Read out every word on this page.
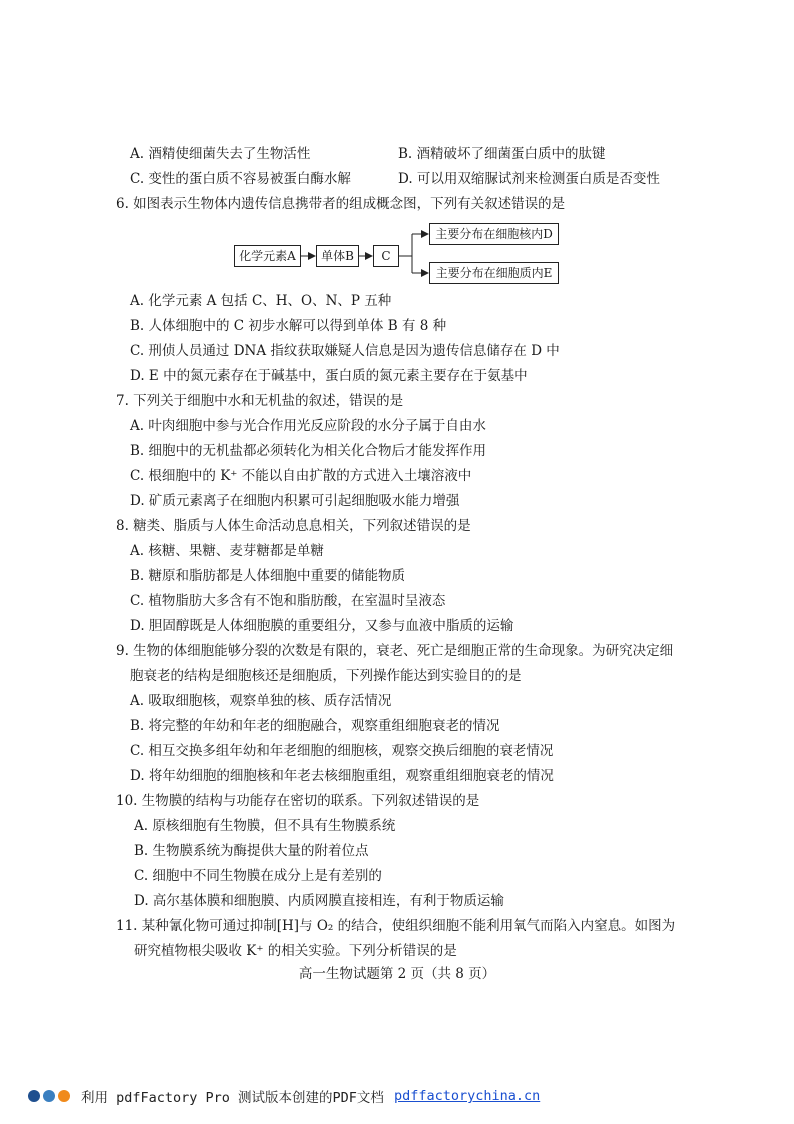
A. 酒精使细菌失去了生物活性	B. 酒精破坏了细菌蛋白质中的肽键
C. 变性的蛋白质不容易被蛋白酶水解	D. 可以用双缩脲试剂来检测蛋白质是否变性
6. 如图表示生物体内遗传信息携带者的组成概念图，下列有关叙述错误的是
化学元素A	单体B	C
主要分布在细胞核内D
主要分布在细胞质内E
A. 化学元素 A 包括 C、H、O、N、P 五种
B. 人体细胞中的 C 初步水解可以得到单体 B 有 8 种
C. 刑侦人员通过 DNA 指纹获取嫌疑人信息是因为遗传信息储存在 D 中
D. E 中的氮元素存在于碱基中，蛋白质的氮元素主要存在于氨基中
7. 下列关于细胞中水和无机盐的叙述，错误的是
A. 叶肉细胞中参与光合作用光反应阶段的水分子属于自由水
B. 细胞中的无机盐都必须转化为相关化合物后才能发挥作用
C. 根细胞中的 K⁺ 不能以自由扩散的方式进入土壤溶液中
D. 矿质元素离子在细胞内积累可引起细胞吸水能力增强
8. 糖类、脂质与人体生命活动息息相关，下列叙述错误的是
A. 核糖、果糖、麦芽糖都是单糖
B. 糖原和脂肪都是人体细胞中重要的储能物质
C. 植物脂肪大多含有不饱和脂肪酸，在室温时呈液态
D. 胆固醇既是人体细胞膜的重要组分，又参与血液中脂质的运输
9. 生物的体细胞能够分裂的次数是有限的，衰老、死亡是细胞正常的生命现象。为研究决定细
胞衰老的结构是细胞核还是细胞质，下列操作能达到实验目的的是
A. 吸取细胞核，观察单独的核、质存活情况
B. 将完整的年幼和年老的细胞融合，观察重组细胞衰老的情况
C. 相互交换多组年幼和年老细胞的细胞核，观察交换后细胞的衰老情况
D. 将年幼细胞的细胞核和年老去核细胞重组，观察重组细胞衰老的情况
10. 生物膜的结构与功能存在密切的联系。下列叙述错误的是
A. 原核细胞有生物膜，但不具有生物膜系统
B. 生物膜系统为酶提供大量的附着位点
C. 细胞中不同生物膜在成分上是有差别的
D. 高尔基体膜和细胞膜、内质网膜直接相连，有利于物质运输
11. 某种氰化物可通过抑制[H]与 O₂ 的结合，使组织细胞不能利用氧气而陷入内窒息。如图为
研究植物根尖吸收 K⁺ 的相关实验。下列分析错误的是
高一生物试题第 2 页（共 8 页）
利用 pdfFactory Pro 测试版本创建的PDF文档 pdffactorychina.cn
